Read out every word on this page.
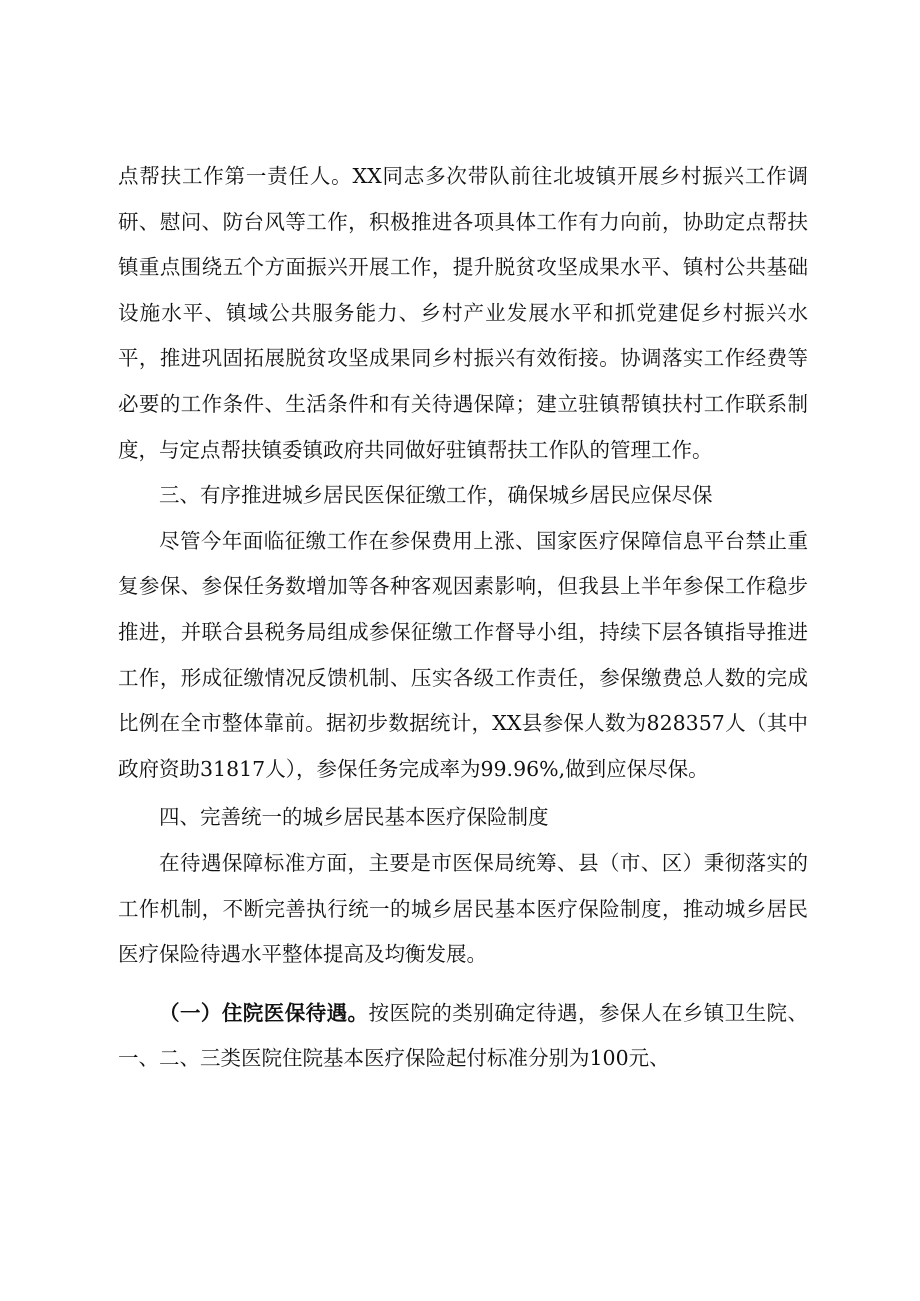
点帮扶工作第一责任人。XX同志多次带队前往北坡镇开展乡村振兴工作调研、慰问、防台风等工作，积极推进各项具体工作有力向前，协助定点帮扶镇重点围绕五个方面振兴开展工作，提升脱贫攻坚成果水平、镇村公共基础设施水平、镇域公共服务能力、乡村产业发展水平和抓党建促乡村振兴水平，推进巩固拓展脱贫攻坚成果同乡村振兴有效衔接。协调落实工作经费等必要的工作条件、生活条件和有关待遇保障；建立驻镇帮镇扶村工作联系制度，与定点帮扶镇委镇政府共同做好驻镇帮扶工作队的管理工作。

三、有序推进城乡居民医保征缴工作，确保城乡居民应保尽保

尽管今年面临征缴工作在参保费用上涨、国家医疗保障信息平台禁止重复参保、参保任务数增加等各种客观因素影响，但我县上半年参保工作稳步推进，并联合县税务局组成参保征缴工作督导小组，持续下层各镇指导推进工作，形成征缴情况反馈机制、压实各级工作责任，参保缴费总人数的完成比例在全市整体靠前。据初步数据统计，XX县参保人数为828357人（其中政府资助31817人），参保任务完成率为99.96%,做到应保尽保。

四、完善统一的城乡居民基本医疗保险制度

在待遇保障标准方面，主要是市医保局统筹、县（市、区）秉彻落实的工作机制，不断完善执行统一的城乡居民基本医疗保险制度，推动城乡居民医疗保险待遇水平整体提高及均衡发展。

（一）住院医保待遇。按医院的类别确定待遇，参保人在乡镇卫生院、一、二、三类医院住院基本医疗保险起付标准分别为100元、
